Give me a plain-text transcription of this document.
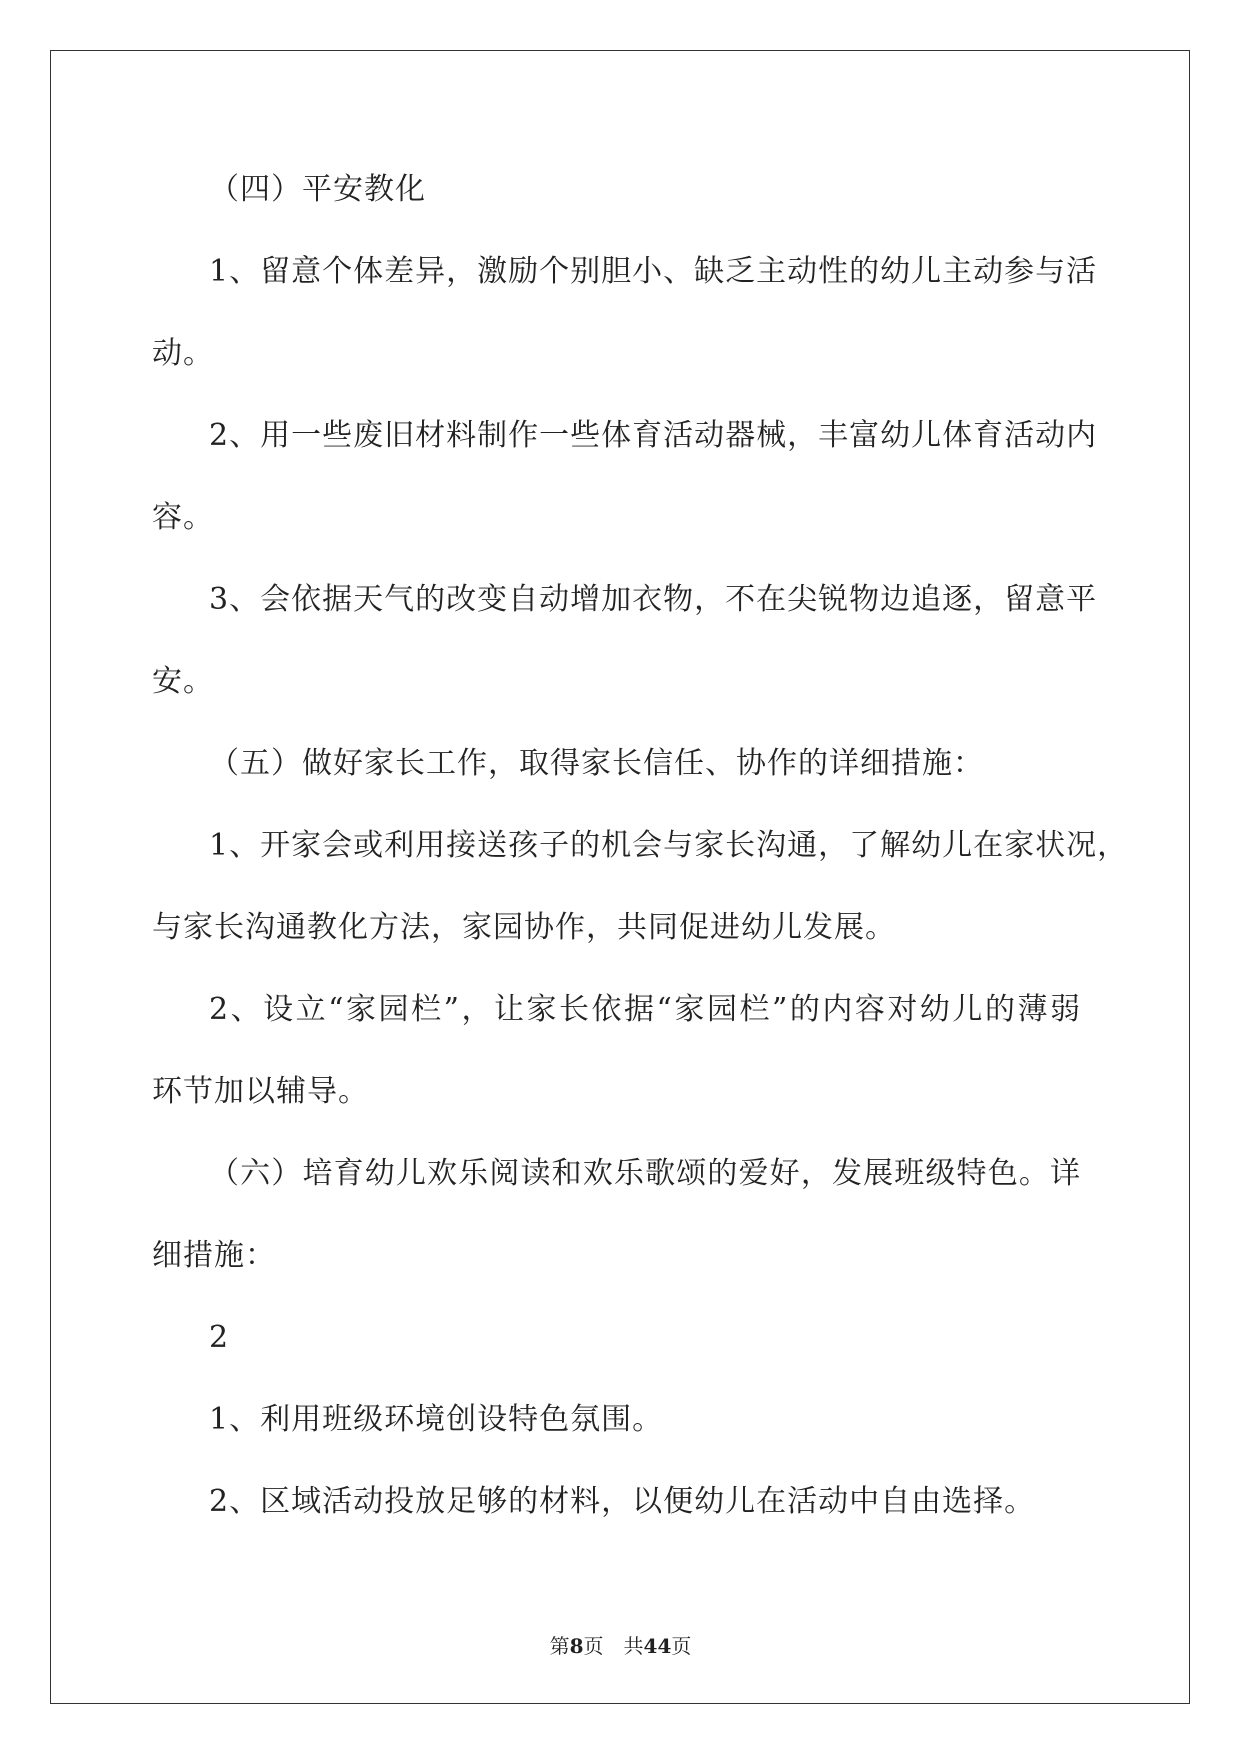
（四）平安教化
1、留意个体差异，激励个别胆小、缺乏主动性的幼儿主动参与活
动。
2、用一些废旧材料制作一些体育活动器械，丰富幼儿体育活动内
容。
3、会依据天气的改变自动增加衣物，不在尖锐物边追逐，留意平
安。
（五）做好家长工作，取得家长信任、协作的详细措施：
1、开家会或利用接送孩子的机会与家长沟通，了解幼儿在家状况，
与家长沟通教化方法，家园协作，共同促进幼儿发展。
2、设立“家园栏”，让家长依据“家园栏”的内容对幼儿的薄弱
环节加以辅导。
（六）培育幼儿欢乐阅读和欢乐歌颂的爱好，发展班级特色。详
细措施：
2
1、利用班级环境创设特色氛围。
2、区域活动投放足够的材料，以便幼儿在活动中自由选择。
第8页 共44页
